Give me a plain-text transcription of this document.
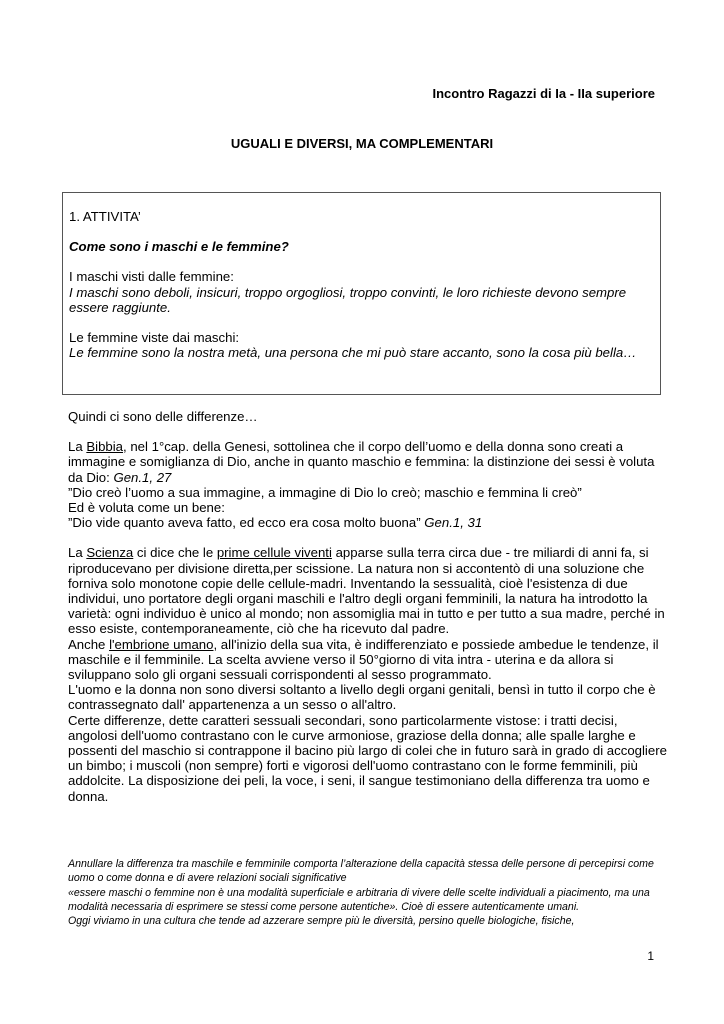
Incontro Ragazzi di Ia - IIa superiore
UGUALI E DIVERSI, MA COMPLEMENTARI

1. ATTIVITA’

Come sono i maschi e le femmine?

I maschi visti dalle femmine:

I maschi sono deboli, insicuri, troppo orgogliosi, troppo convinti, le loro richieste devono sempre essere raggiunte.

Le femmine viste dai maschi:

Le femmine sono la nostra metà, una persona che mi può stare accanto, sono la cosa più bella…

Quindi ci sono delle differenze…

La Bibbia, nel 1°cap. della Genesi, sottolinea che il corpo dell’uomo e della donna sono creati a immagine e somiglianza di Dio, anche in quanto maschio e femmina: la distinzione dei sessi è voluta da Dio: Gen.1, 27

”Dio creò l’uomo a sua immagine, a immagine di Dio lo creò; maschio e femmina li creò”

Ed è voluta come un bene:

”Dio vide quanto aveva fatto, ed ecco era cosa molto buona” Gen.1, 31

La Scienza ci dice che le prime cellule viventi apparse sulla terra circa due - tre miliardi di anni fa, si riproducevano per divisione diretta,per scissione. La natura non si accontentò di una soluzione che forniva solo monotone copie delle cellule-madri. Inventando la sessualità, cioè l'esistenza di due individui, uno portatore degli organi maschili e l'altro degli organi femminili, la natura ha introdotto la varietà: ogni individuo è unico al mondo; non assomiglia mai in tutto e per tutto a sua madre, perché in esso esiste, contemporaneamente, ciò che ha ricevuto dal padre.

Anche l'embrione umano, all'inizio della sua vita, è indifferenziato e possiede ambedue le tendenze, il maschile e il femminile. La scelta avviene verso il 50°giorno di vita intra - uterina e da allora si sviluppano solo gli organi sessuali corrispondenti al sesso programmato.

L'uomo e la donna non sono diversi soltanto a livello degli organi genitali, bensì in tutto il corpo che è contrassegnato dall' appartenenza a un sesso o all'altro.

Certe differenze, dette caratteri sessuali secondari, sono particolarmente vistose: i tratti decisi, angolosi dell'uomo contrastano con le curve armoniose, graziose della donna; alle spalle larghe e possenti del maschio si contrappone il bacino più largo di colei che in futuro sarà in grado di accogliere un bimbo; i muscoli (non sempre) forti e vigorosi dell'uomo contrastano con le forme femminili, più addolcite. La disposizione dei peli, la voce, i seni, il sangue testimoniano della differenza tra uomo e donna.

Annullare la differenza tra maschile e femminile comporta l’alterazione della capacità stessa delle persone di percepirsi come uomo o come donna e di avere relazioni sociali significative

«essere maschi o femmine non è una modalità superficiale e arbitraria di vivere delle scelte individuali a piacimento, ma una modalità necessaria di esprimere se stessi come persone autentiche». Cioè di essere autenticamente umani.

Oggi viviamo in una cultura che tende ad azzerare sempre più le diversità, persino quelle biologiche, fisiche,

1
